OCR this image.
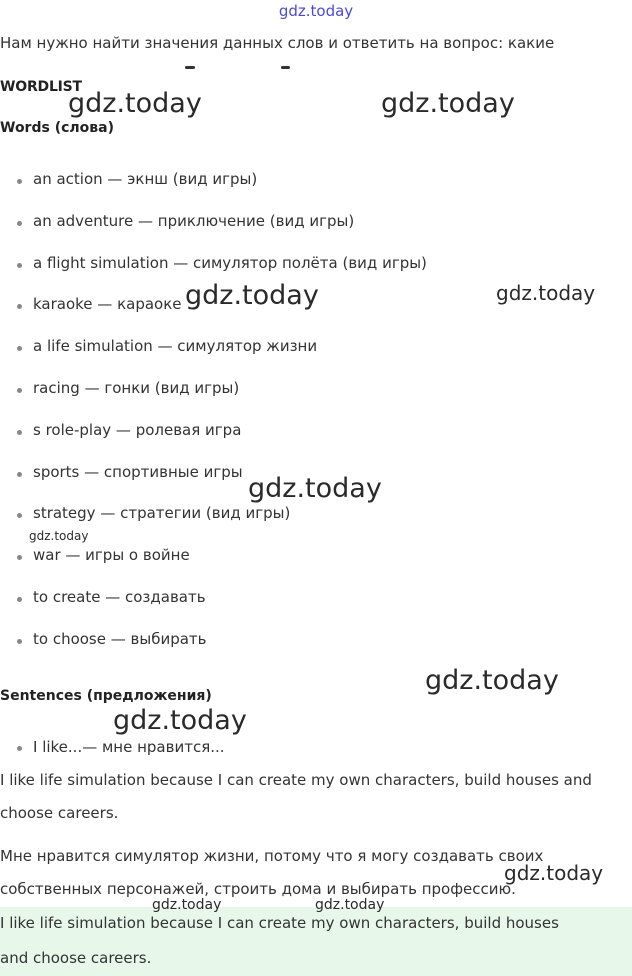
gdz.today
Нам нужно найти значения данных слов и ответить на вопрос: какие
WORDLIST
Words (слова)
an action — экнш (вид игры)
an adventure — приключение (вид игры)
a flight simulation — симулятор полёта (вид игры)
karaoke — караоке
a life simulation — симулятор жизни
racing — гонки (вид игры)
s role-play — ролевая игра
sports — спортивные игры
strategy — стратегии (вид игры)
war — игры о войне
to create — создавать
to choose — выбирать
Sentences (предложения)
I like...— мне нравится...
I like life simulation because I can create my own characters, build houses and
choose careers.
Мне нравится симулятор жизни, потому что я могу создавать своих
собственных персонажей, строить дома и выбирать профессию.
I like life simulation because I can create my own characters, build houses
and choose careers.
gdz.today	gdz.today
gdz.today	gdz.today
gdz.today
gdz.today
gdz.today
gdz.today
gdz.today
gdz.today	gdz.today
